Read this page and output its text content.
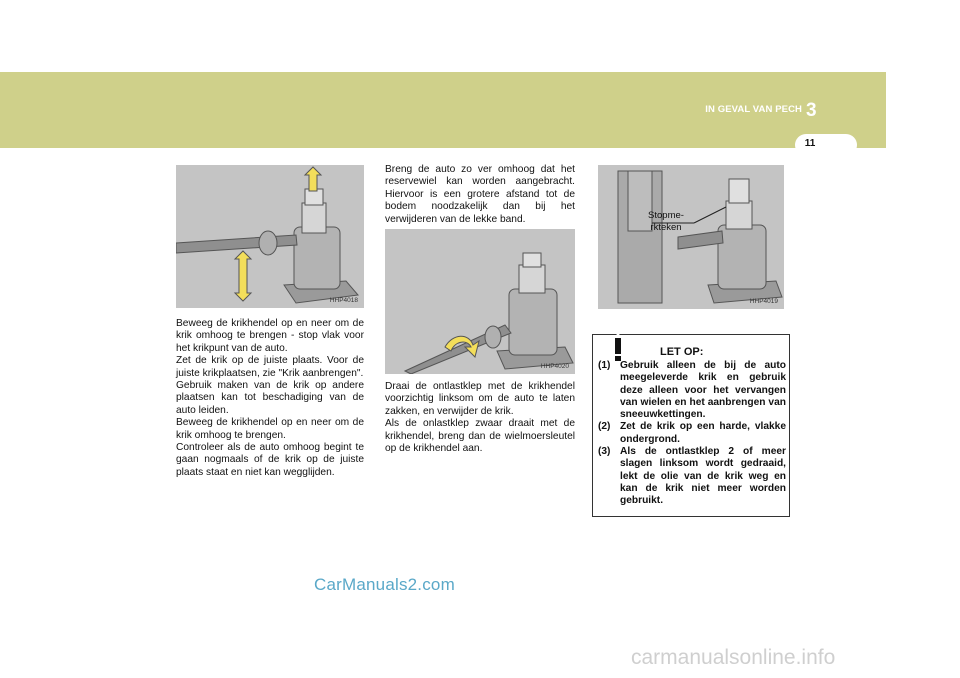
IN GEVAL VAN PECH 3
11
HHP4018

Beweeg de krikhendel op en neer om de krik omhoog te brengen - stop vlak voor het krikpunt van de auto.

Zet de krik op de juiste plaats. Voor de juiste krikplaatsen, zie "Krik aanbrengen".

Gebruik maken van de krik op andere plaatsen kan tot beschadiging van de auto leiden.

Beweeg de krikhendel op en neer om de krik omhoog te brengen.

Controleer als de auto omhoog begint te gaan nogmaals of de krik op de juiste plaats staat en niet kan wegglijden.

Breng de auto zo ver omhoog dat het reservewiel kan worden aangebracht. Hiervoor is een grotere afstand tot de bodem noodzakelijk dan bij het verwijderen van de lekke band.

HHP4020

Draai de ontlastklep met de krikhendel voorzichtig linksom om de auto te laten zakken, en verwijder de krik.

Als de onlastklep zwaar draait met de krikhendel, breng dan de wielmoersleutel op de krikhendel aan.

Stopme-
rkteken
HHP4019
LET OP:
(1) Gebruik alleen de bij de auto meegeleverde krik en gebruik deze alleen voor het vervangen van wielen en het aanbrengen van sneeuwkettingen.
(2) Zet de krik op een harde, vlakke ondergrond.
(3) Als de ontlastklep 2 of meer slagen linksom wordt gedraaid, lekt de olie van de krik weg en kan de krik niet meer worden gebruikt.
CarManuals2.com
carmanualsonline.info
